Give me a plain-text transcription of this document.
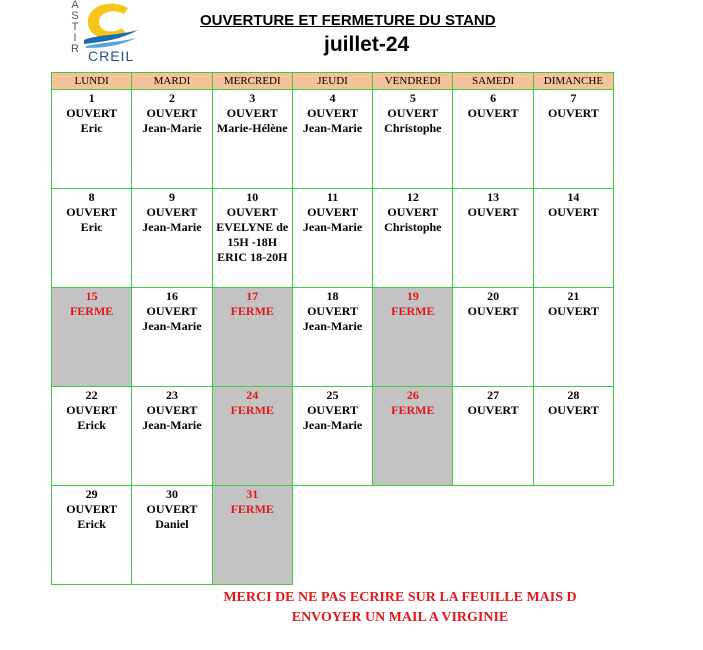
A
S
T
I
R CREIL
OUVERTURE ET FERMETURE DU STAND
juillet-24
LUNDI	MARDI	MERCREDI	JEUDI	VENDREDI	SAMEDI	DIMANCHE

1
OUVERT
Eric	2
OUVERT
Jean-Marie	3
OUVERT
Marie-Hélène	4
OUVERT
Jean-Marie	5
OUVERT
Christophe	6
OUVERT	7
OUVERT

8
OUVERT
Eric	9
OUVERT
Jean-Marie	10
OUVERT
EVELYNE de 15H -18H ERIC 18-20H	11
OUVERT
Jean-Marie	12
OUVERT
Christophe	13
OUVERT	14
OUVERT

15
FERME	16
OUVERT
Jean-Marie	17
FERME	18
OUVERT
Jean-Marie	19
FERME	20
OUVERT	21
OUVERT

22
OUVERT
Erick	23
OUVERT
Jean-Marie	24
FERME	25
OUVERT
Jean-Marie	26
FERME	27
OUVERT	28
OUVERT

29
OUVERT
Erick	30
OUVERT
Daniel	31
FERME				

MERCI DE NE PAS ECRIRE SUR LA FEUILLE MAIS D
ENVOYER UN MAIL A VIRGINIE
